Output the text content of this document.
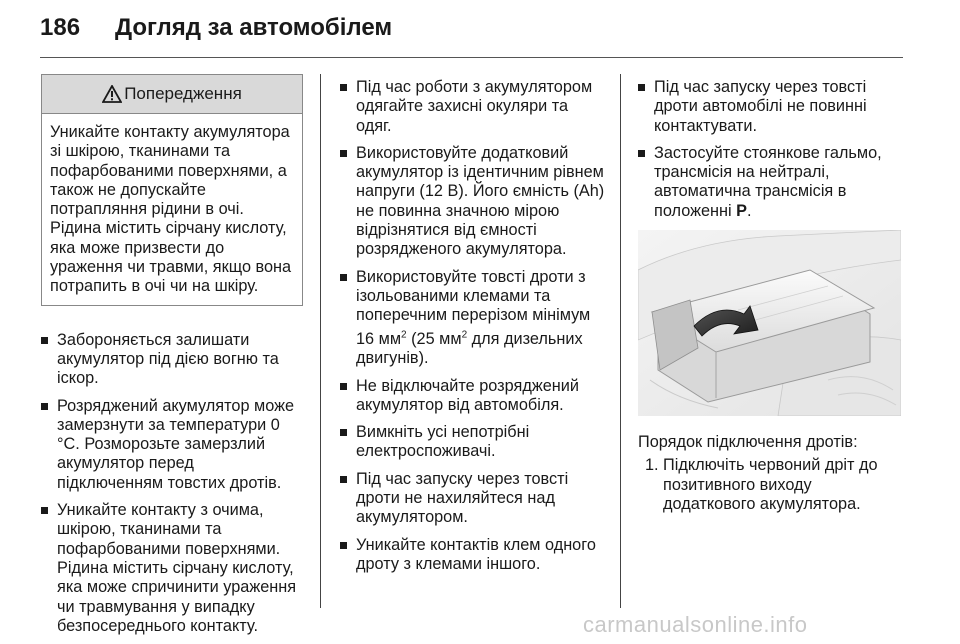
186 Догляд за автомобілем
Попередження
Уникайте контакту акумулятора зі шкірою, тканинами та пофарбованими поверхнями, а також не допускайте потрапляння рідини в очі. Рідина містить сірчану кислоту, яка може призвести до ураження чи травми, якщо вона потрапить в очі чи на шкіру.
Забороняється залишати акумулятор під дією вогню та іскор.
Розряджений акумулятор може замерзнути за температури 0 °C. Розморозьте замерзлий акумулятор перед підключенням товстих дротів.
Уникайте контакту з очима, шкірою, тканинами та пофарбованими поверхнями. Рідина містить сірчану кислоту, яка може спричинити ураження чи травмування у випадку безпосереднього контакту.
Під час роботи з акумулятором одягайте захисні окуляри та одяг.
Використовуйте додатковий акумулятор із ідентичним рівнем напруги (12 В). Його ємність (Ah) не повинна значною мірою відрізнятися від ємності розрядженого акумулятора.
Використовуйте товсті дроти з ізольованими клемами та поперечним перерізом мінімум 16 $мм^2$ (25 $мм^2$ для дизельних двигунів).
Не відключайте розряджений акумулятор від автомобіля.
Вимкніть усі непотрібні електроспоживачі.
Під час запуску через товсті дроти не нахиляйтеся над акумулятором.
Уникайте контактів клем одного дроту з клемами іншого.
Під час запуску через товсті дроти автомобілі не повинні контактувати.
Застосуйте стоянкове гальмо, трансмісія на нейтралі, автоматична трансмісія в положенні P.
Порядок підключення дротів:
1. Підключіть червоний дріт до позитивного виходу додаткового акумулятора.
carmanualsonline.info
